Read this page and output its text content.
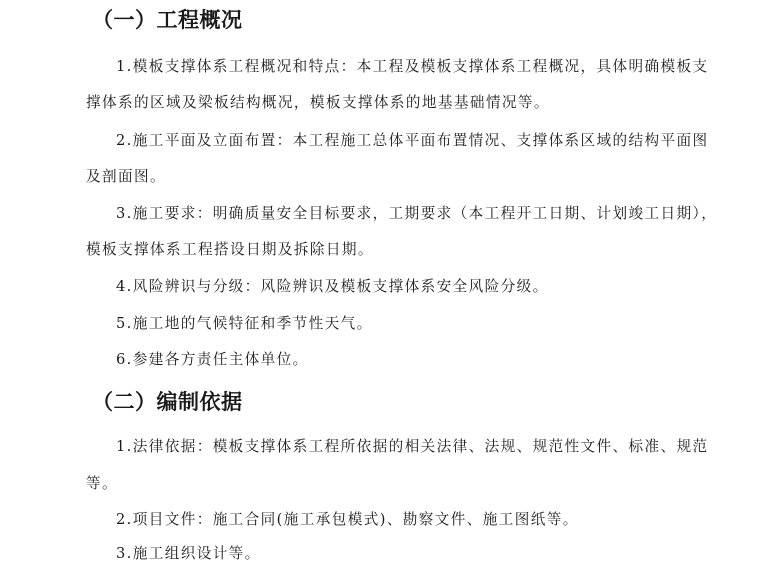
（一）工程概况
1.模板支撑体系工程概况和特点：本工程及模板支撑体系工程概况，具体明确模板支
撑体系的区域及梁板结构概况，模板支撑体系的地基基础情况等。
2.施工平面及立面布置：本工程施工总体平面布置情况、支撑体系区域的结构平面图
及剖面图。
3.施工要求：明确质量安全目标要求，工期要求（本工程开工日期、计划竣工日期），
模板支撑体系工程搭设日期及拆除日期。
4.风险辨识与分级：风险辨识及模板支撑体系安全风险分级。
5.施工地的气候特征和季节性天气。
6.参建各方责任主体单位。
（二）编制依据
1.法律依据：模板支撑体系工程所依据的相关法律、法规、规范性文件、标准、规范
等。
2.项目文件：施工合同(施工承包模式)、勘察文件、施工图纸等。
3.施工组织设计等。
